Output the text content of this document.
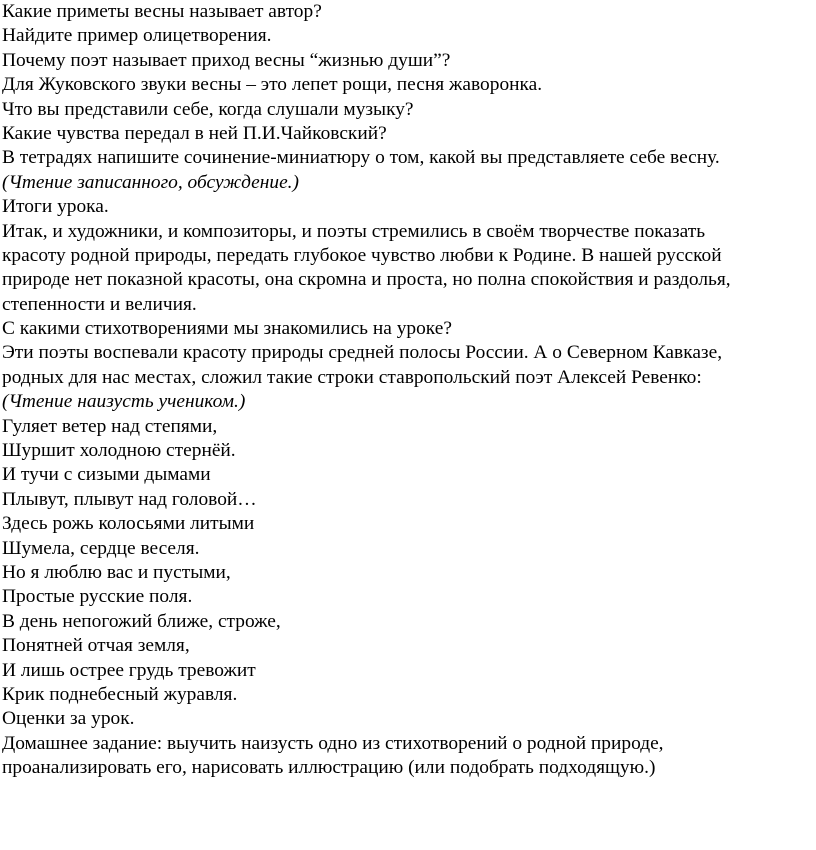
Какие приметы весны называет автор?

Найдите пример олицетворения.

Почему поэт называет приход весны “жизнью души”?

Для Жуковского звуки весны – это лепет рощи, песня жаворонка.

Что вы представили себе, когда слушали музыку?

Какие чувства передал в ней П.И.Чайковский?

В тетрадях напишите сочинение-миниатюру о том, какой вы представляете себе весну.

(Чтение записанного, обсуждение.)

Итоги урока.

Итак, и художники, и композиторы, и поэты стремились в своём творчестве показать

красоту родной природы, передать глубокое чувство любви к Родине. В нашей русской

природе нет показной красоты, она скромна и проста, но полна спокойствия и раздолья,

степенности и величия.

С какими стихотворениями мы знакомились на уроке?

Эти поэты воспевали красоту природы средней полосы России. А о Северном Кавказе,

родных для нас местах, сложил такие строки ставропольский поэт Алексей Ревенко:

(Чтение наизусть учеником.)

Гуляет ветер над степями,

Шуршит холодною стернёй.

И тучи с сизыми дымами

Плывут, плывут над головой…

Здесь рожь колосьями литыми

Шумела, сердце веселя.

Но я люблю вас и пустыми,

Простые русские поля.

В день непогожий ближе, строже,

Понятней отчая земля,

И лишь острее грудь тревожит

Крик поднебесный журавля.

Оценки за урок.

Домашнее задание: выучить наизусть одно из стихотворений о родной природе,

проанализировать его, нарисовать иллюстрацию (или подобрать подходящую.)
